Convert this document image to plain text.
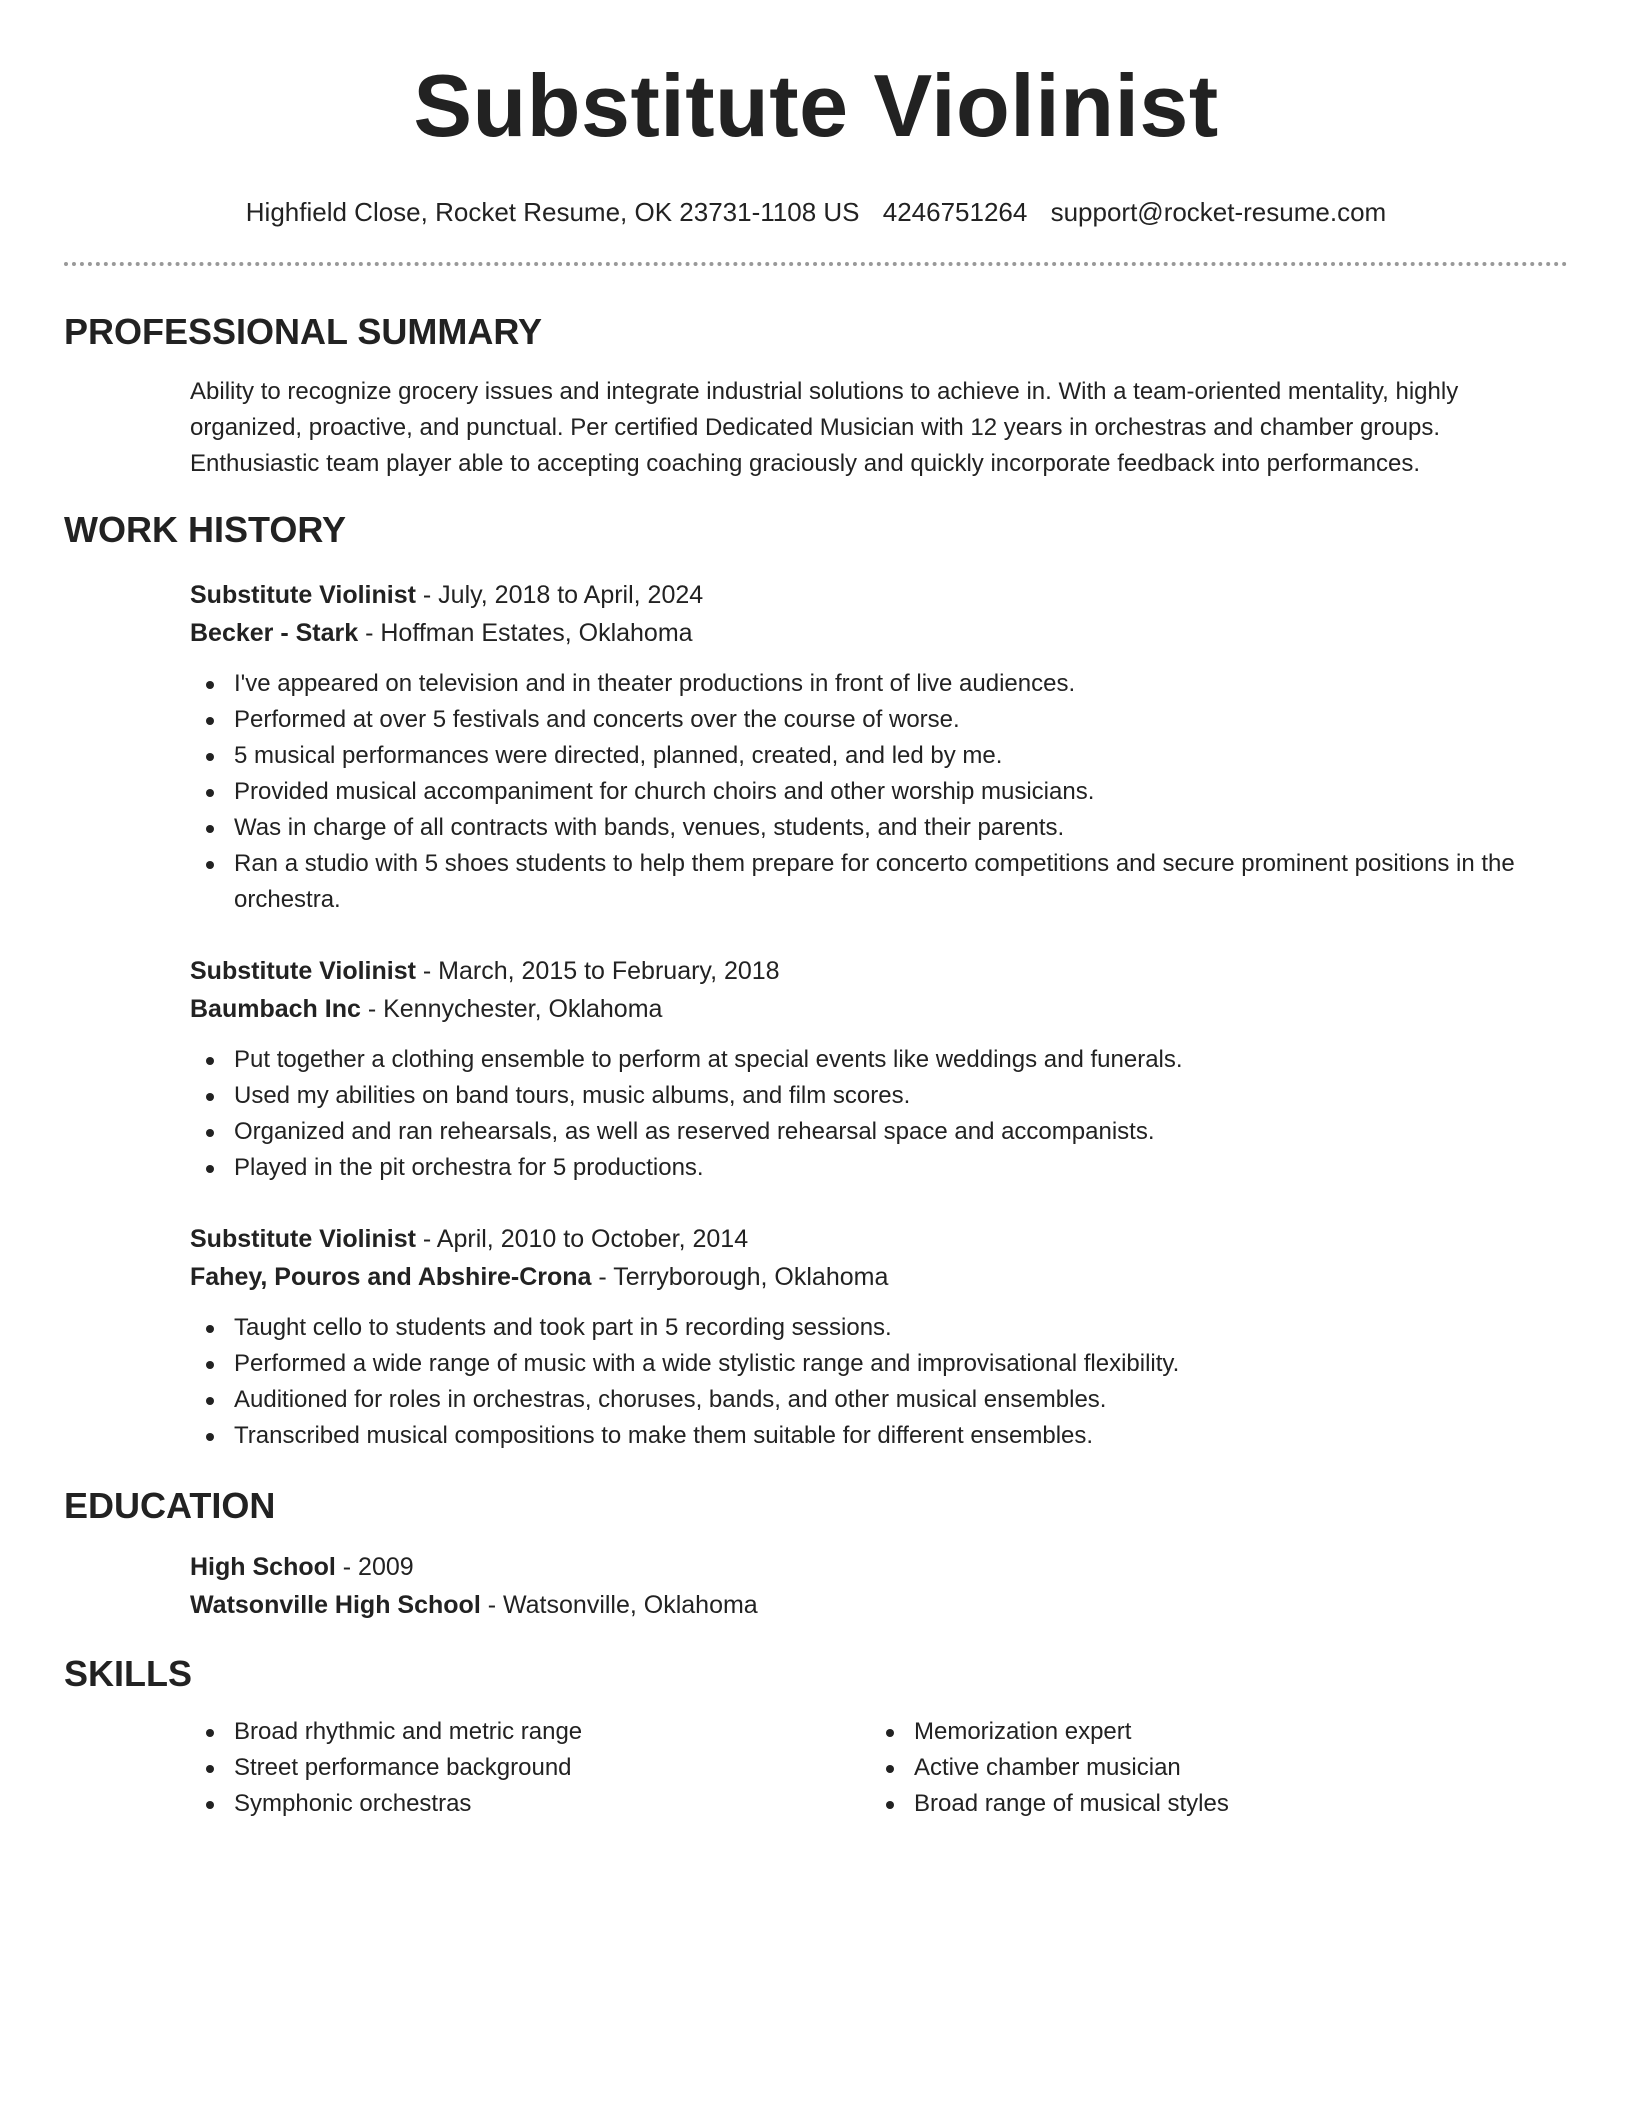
Substitute Violinist
Highfield Close, Rocket Resume, OK 23731-1108 US 4246751264 support@rocket-resume.com
PROFESSIONAL SUMMARY
Ability to recognize grocery issues and integrate industrial solutions to achieve in. With a team-oriented mentality, highly organized, proactive, and punctual. Per certified Dedicated Musician with 12 years in orchestras and chamber groups. Enthusiastic team player able to accepting coaching graciously and quickly incorporate feedback into performances.
WORK HISTORY
Substitute Violinist - July, 2018 to April, 2024
Becker - Stark - Hoffman Estates, Oklahoma
I've appeared on television and in theater productions in front of live audiences.
Performed at over 5 festivals and concerts over the course of worse.
5 musical performances were directed, planned, created, and led by me.
Provided musical accompaniment for church choirs and other worship musicians.
Was in charge of all contracts with bands, venues, students, and their parents.
Ran a studio with 5 shoes students to help them prepare for concerto competitions and secure prominent positions in the orchestra.
Substitute Violinist - March, 2015 to February, 2018
Baumbach Inc - Kennychester, Oklahoma
Put together a clothing ensemble to perform at special events like weddings and funerals.
Used my abilities on band tours, music albums, and film scores.
Organized and ran rehearsals, as well as reserved rehearsal space and accompanists.
Played in the pit orchestra for 5 productions.
Substitute Violinist - April, 2010 to October, 2014
Fahey, Pouros and Abshire-Crona - Terryborough, Oklahoma
Taught cello to students and took part in 5 recording sessions.
Performed a wide range of music with a wide stylistic range and improvisational flexibility.
Auditioned for roles in orchestras, choruses, bands, and other musical ensembles.
Transcribed musical compositions to make them suitable for different ensembles.
EDUCATION
High School - 2009
Watsonville High School - Watsonville, Oklahoma
SKILLS
Broad rhythmic and metric range
Street performance background
Symphonic orchestras
Memorization expert
Active chamber musician
Broad range of musical styles
